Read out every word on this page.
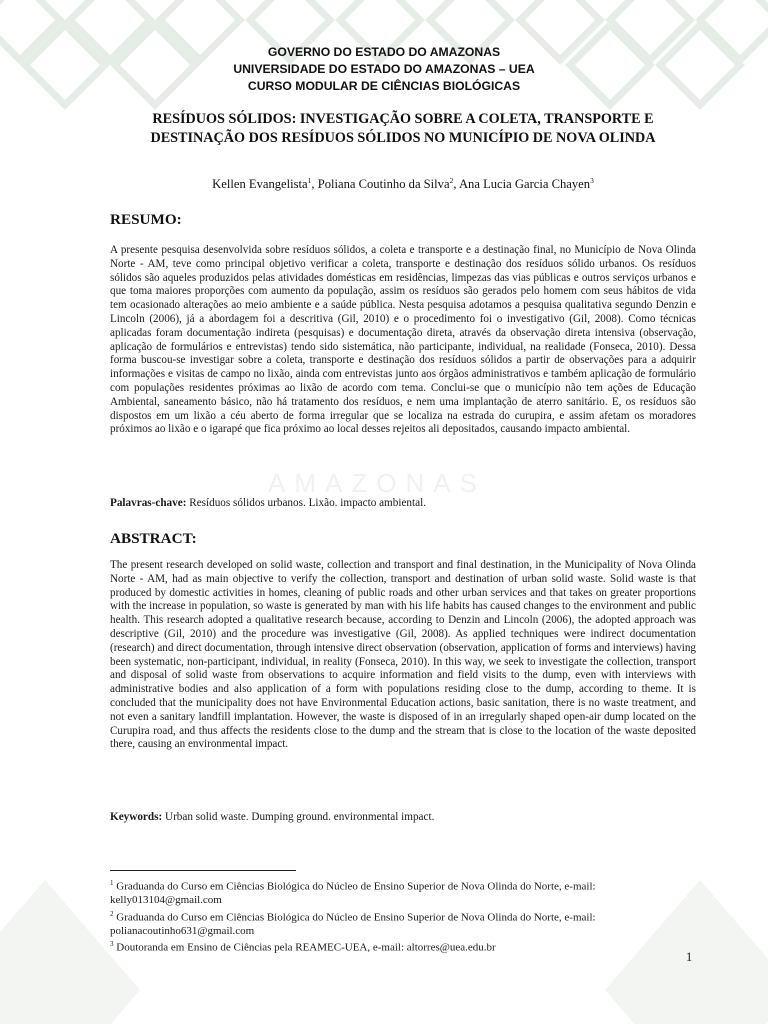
AMAZONAS
GOVERNO DO ESTADO DO AMAZONAS
UNIVERSIDADE DO ESTADO DO AMAZONAS – UEA
CURSO MODULAR DE CIÊNCIAS BIOLÓGICAS
RESÍDUOS SÓLIDOS: INVESTIGAÇÃO SOBRE A COLETA, TRANSPORTE E
DESTINAÇÃO DOS RESÍDUOS SÓLIDOS NO MUNICÍPIO DE NOVA OLINDA
Kellen Evangelista$^1$, Poliana Coutinho da Silva$^2$, Ana Lucia Garcia Chayen$^3$
RESUMO:
A presente pesquisa desenvolvida sobre resíduos sólidos, a coleta e transporte e a destinação final, no Município de Nova Olinda Norte - AM, teve como principal objetivo verificar a coleta, transporte e destinação dos resíduos sólido urbanos. Os resíduos sólidos são aqueles produzidos pelas atividades domésticas em residências, limpezas das vias públicas e outros serviços urbanos e que toma maiores proporções com aumento da população, assim os resíduos são gerados pelo homem com seus hábitos de vida tem ocasionado alterações ao meio ambiente e a saúde pública. Nesta pesquisa adotamos a pesquisa qualitativa segundo Denzin e Lincoln (2006), já a abordagem foi a descritiva (Gil, 2010) e o procedimento foi o investigativo (Gil, 2008). Como técnicas aplicadas foram documentação indireta (pesquisas) e documentação direta, através da observação direta intensiva (observação, aplicação de formulários e entrevistas) tendo sido sistemática, não participante, individual, na realidade (Fonseca, 2010). Dessa forma buscou-se investigar sobre a coleta, transporte e destinação dos resíduos sólidos a partir de observações para a adquirir informações e visitas de campo no lixão, ainda com entrevistas junto aos órgãos administrativos e também aplicação de formulário com populações residentes próximas ao lixão de acordo com tema. Conclui-se que o município não tem ações de Educação Ambiental, saneamento básico, não há tratamento dos resíduos, e nem uma implantação de aterro sanitário. E, os resíduos são dispostos em um lixão a céu aberto de forma irregular que se localiza na estrada do curupira, e assim afetam os moradores próximos ao lixão e o igarapé que fica próximo ao local desses rejeitos ali depositados, causando impacto ambiental.
Palavras-chave: Resíduos sólidos urbanos. Lixão. impacto ambiental.
ABSTRACT:
The present research developed on solid waste, collection and transport and final destination, in the Municipality of Nova Olinda Norte - AM, had as main objective to verify the collection, transport and destination of urban solid waste. Solid waste is that produced by domestic activities in homes, cleaning of public roads and other urban services and that takes on greater proportions with the increase in population, so waste is generated by man with his life habits has caused changes to the environment and public health. This research adopted a qualitative research because, according to Denzin and Lincoln (2006), the adopted approach was descriptive (Gil, 2010) and the procedure was investigative (Gil, 2008). As applied techniques were indirect documentation (research) and direct documentation, through intensive direct observation (observation, application of forms and interviews) having been systematic, non-participant, individual, in reality (Fonseca, 2010). In this way, we seek to investigate the collection, transport and disposal of solid waste from observations to acquire information and field visits to the dump, even with interviews with administrative bodies and also application of a form with populations residing close to the dump, according to theme. It is concluded that the municipality does not have Environmental Education actions, basic sanitation, there is no waste treatment, and not even a sanitary landfill implantation. However, the waste is disposed of in an irregularly shaped open-air dump located on the Curupira road, and thus affects the residents close to the dump and the stream that is close to the location of the waste deposited there, causing an environmental impact.
Keywords: Urban solid waste. Dumping ground. environmental impact.
$^1$ Graduanda do Curso em Ciências Biológica do Núcleo de Ensino Superior de Nova Olinda do Norte, e-mail: kelly013104@gmail.com
$^2$ Graduanda do Curso em Ciências Biológica do Núcleo de Ensino Superior de Nova Olinda do Norte, e-mail: polianacoutinho631@gmail.com
$^3$ Doutoranda em Ensino de Ciências pela REAMEC-UEA, e-mail: altorres@uea.edu.br
1
